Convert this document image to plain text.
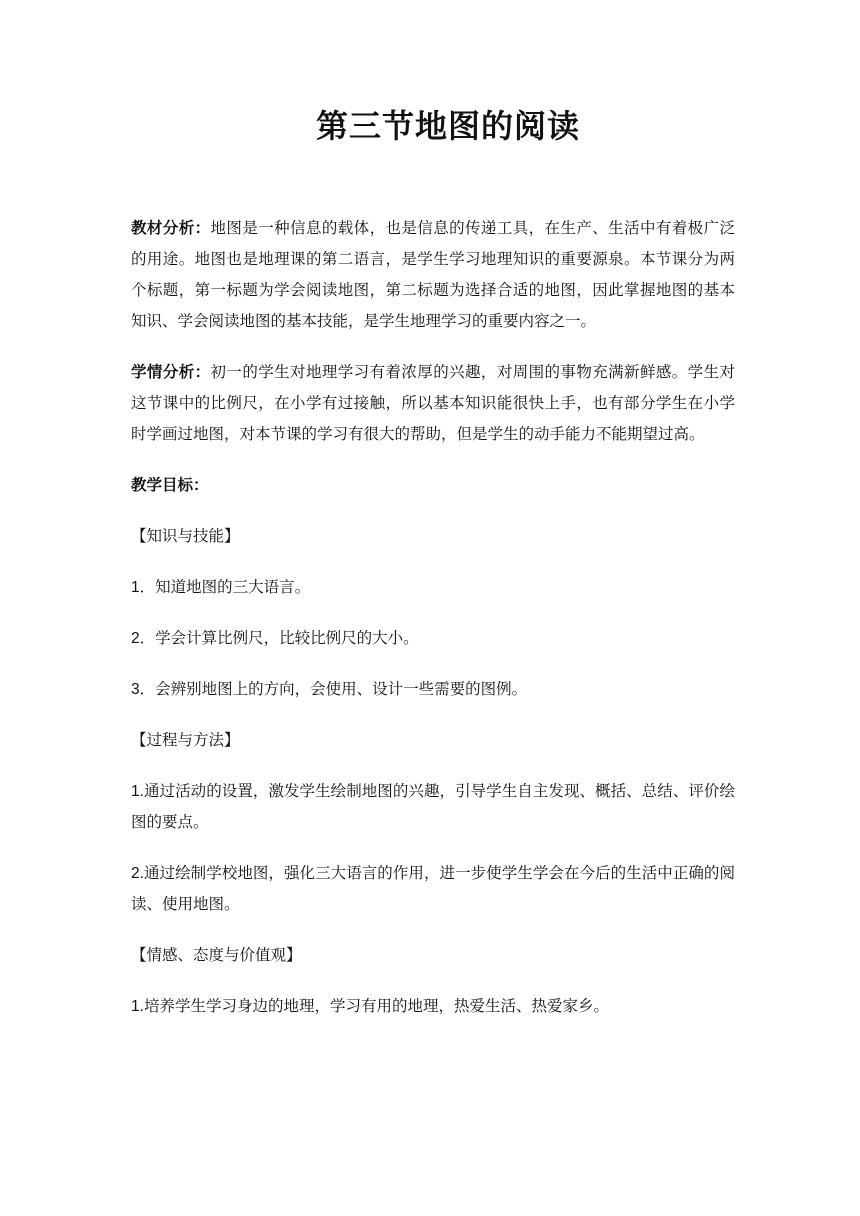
第三节地图的阅读

教材分析：地图是一种信息的载体，也是信息的传递工具，在生产、生活中有着极广泛的用途。地图也是地理课的第二语言，是学生学习地理知识的重要源泉。本节课分为两个标题，第一标题为学会阅读地图，第二标题为选择合适的地图，因此掌握地图的基本知识、学会阅读地图的基本技能，是学生地理学习的重要内容之一。

学情分析：初一的学生对地理学习有着浓厚的兴趣，对周围的事物充满新鲜感。学生对这节课中的比例尺，在小学有过接触，所以基本知识能很快上手，也有部分学生在小学时学画过地图，对本节课的学习有很大的帮助，但是学生的动手能力不能期望过高。

教学目标：

【知识与技能】

1．知道地图的三大语言。

2．学会计算比例尺，比较比例尺的大小。

3．会辨别地图上的方向，会使用、设计一些需要的图例。

【过程与方法】

1.通过活动的设置，激发学生绘制地图的兴趣，引导学生自主发现、概括、总结、评价绘图的要点。

2.通过绘制学校地图，强化三大语言的作用，进一步使学生学会在今后的生活中正确的阅读、使用地图。

【情感、态度与价值观】

1.培养学生学习身边的地理，学习有用的地理，热爱生活、热爱家乡。
